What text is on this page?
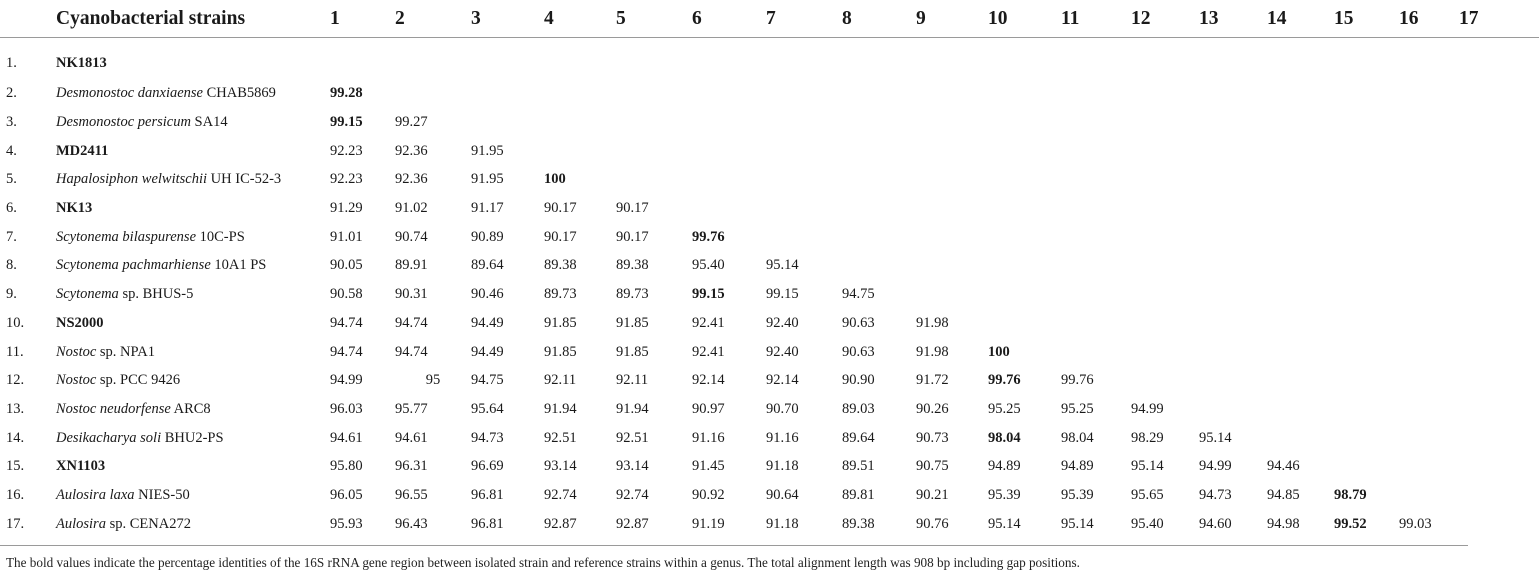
	Cyanobacterial strains	1	2	3	4	5	6	7	8	9	10	11	12	13	14	15	16	17	
1.	NK1813																		
2.	Desmonostoc danxiaense CHAB5869	99.28																	
3.	Desmonostoc persicum SA14	99.15	99.27																
4.	MD2411	92.23	92.36	91.95															
5.	Hapalosiphon welwitschii UH IC-52-3	92.23	92.36	91.95	100														
6.	NK13	91.29	91.02	91.17	90.17	90.17													
7.	Scytonema bilaspurense 10C-PS	91.01	90.74	90.89	90.17	90.17	99.76												
8.	Scytonema pachmarhiense 10A1 PS	90.05	89.91	89.64	89.38	89.38	95.40	95.14											
9.	Scytonema sp. BHUS-5	90.58	90.31	90.46	89.73	89.73	99.15	99.15	94.75										
10.	NS2000	94.74	94.74	94.49	91.85	91.85	92.41	92.40	90.63	91.98									
11.	Nostoc sp. NPA1	94.74	94.74	94.49	91.85	91.85	92.41	92.40	90.63	91.98	100								
12.	Nostoc sp. PCC 9426	94.99	95	94.75	92.11	92.11	92.14	92.14	90.90	91.72	99.76	99.76							
13.	Nostoc neudorfense ARC8	96.03	95.77	95.64	91.94	91.94	90.97	90.70	89.03	90.26	95.25	95.25	94.99						
14.	Desikacharya soli BHU2-PS	94.61	94.61	94.73	92.51	92.51	91.16	91.16	89.64	90.73	98.04	98.04	98.29	95.14					
15.	XN1103	95.80	96.31	96.69	93.14	93.14	91.45	91.18	89.51	90.75	94.89	94.89	95.14	94.99	94.46				
16.	Aulosira laxa NIES-50	96.05	96.55	96.81	92.74	92.74	90.92	90.64	89.81	90.21	95.39	95.39	95.65	94.73	94.85	98.79			
17.	Aulosira sp. CENA272	95.93	96.43	96.81	92.87	92.87	91.19	91.18	89.38	90.76	95.14	95.14	95.40	94.60	94.98	99.52	99.03		
The bold values indicate the percentage identities of the 16S rRNA gene region between isolated strain and reference strains within a genus. The total alignment length was 908 bp including gap positions.
